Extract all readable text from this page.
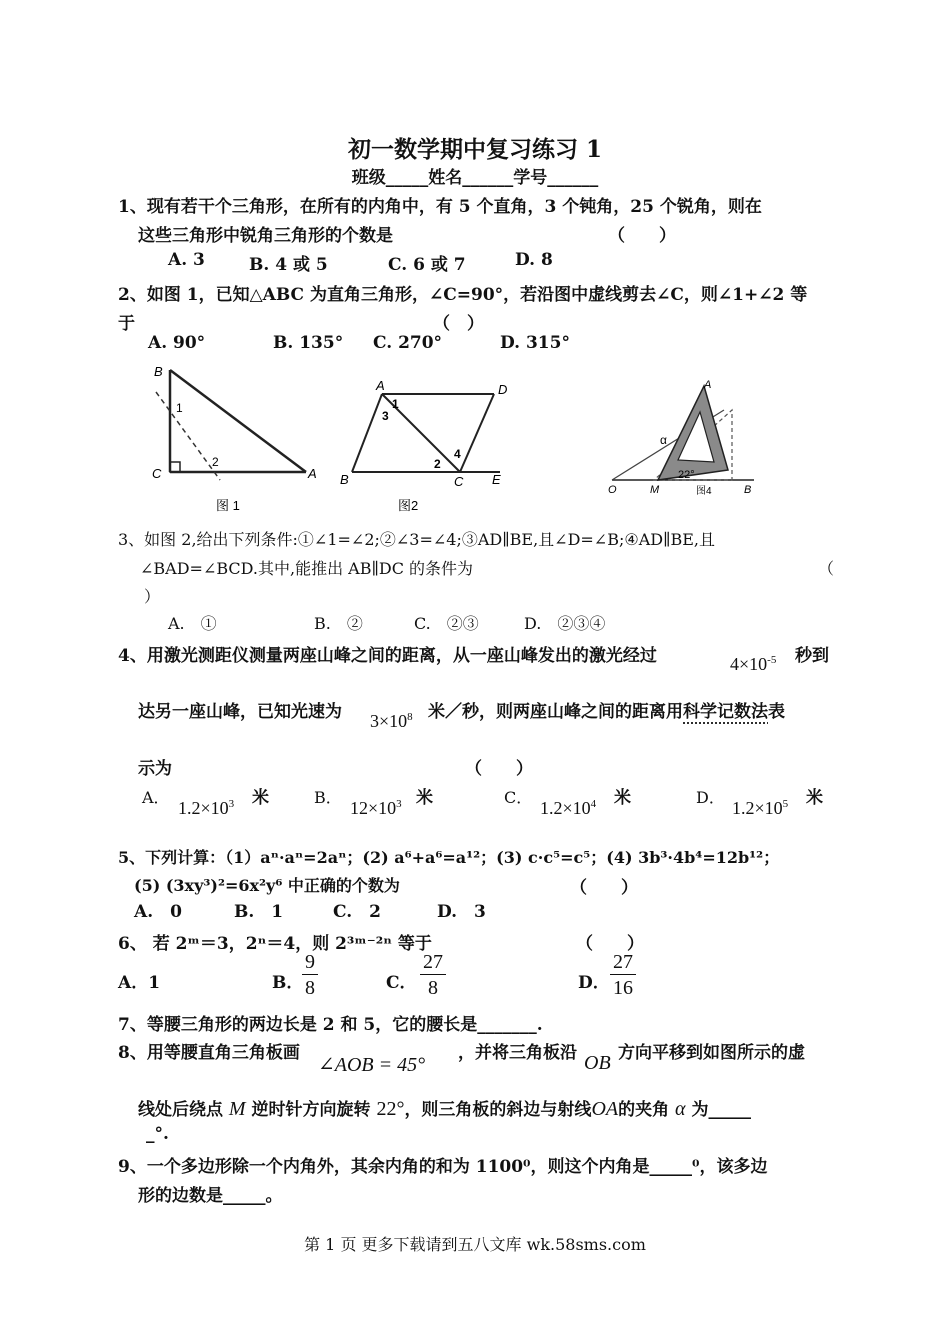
初一数学期中复习练习 1
班级_____姓名______学号______
1、现有若干个三角形，在所有的内角中，有 5 个直角，3 个钝角，25 个锐角，则在
这些三角形中锐角三角形的个数是	（　　）
A. 3	B. 4 或 5	C. 6 或 7	D. 8
2、如图 1，已知△ABC 为直角三角形，∠C=90°，若沿图中虚线剪去∠C，则∠1+∠2 等
于	（　）
A. 90°	B. 135° C. 270°	D. 315°
B
1
C
2
A
图 1
A	D
1
3
2
4
B	C E
图2
A
α
22°
O	M	B
图4
3、如图 2,给出下列条件:①∠1=∠2;②∠3=∠4;③AD∥BE,且∠D=∠B;④AD∥BE,且
∠BAD=∠BCD.其中,能推出 AB∥DC 的条件为	（
）
A.　①	B.　②	C.　②③	D.　②③④
4、用激光测距仪测量两座山峰之间的距离，从一座山峰发出的激光经过	$4\times 10^{-5}$ 秒到
达另一座山峰，已知光速为 $3\times 10^8$ 米／秒，则两座山峰之间的距离用科学记数法表
示为	（　　）
A．
$1.2\times 10^3$ 米	B．
$12\times 10^3$ 米	C．
$1.2\times 10^4$ 米	D．
$1.2\times 10^5$ 米
5、下列计算：（1）aⁿ·aⁿ=2aⁿ；(2) a⁶+a⁶=a¹²；(3) c·c⁵=c⁵；(4) 3b³·4b⁴=12b¹²；
(5) (3xy³)²=6x²y⁶ 中正确的个数为	（　　）
A.　0	B.　1	C.　2	D.　3
6、 若 2ᵐ＝3，2ⁿ＝4，则 2³ᵐ⁻²ⁿ 等于	（　　）
A．1	B．
$\frac{9}{8}$	C． $\frac{27}{8}$	D． $\frac{27}{16}$
7、等腰三角形的两边长是 2 和 5，它的腰长是_______.
8、用等腰直角三角板画
∠AOB = 45°
，并将三角板沿 OB 方向平移到如图所示的虚
线处后绕点 M 逆时针方向旋转 22°，则三角板的斜边与射线OA的夹角 α 为_____
_°.
9、一个多边形除一个内角外，其余内角的和为 1100⁰，则这个内角是_____⁰，该多边
形的边数是_____。
第 1 页 更多下载请到五八文库 wk.58sms.com
